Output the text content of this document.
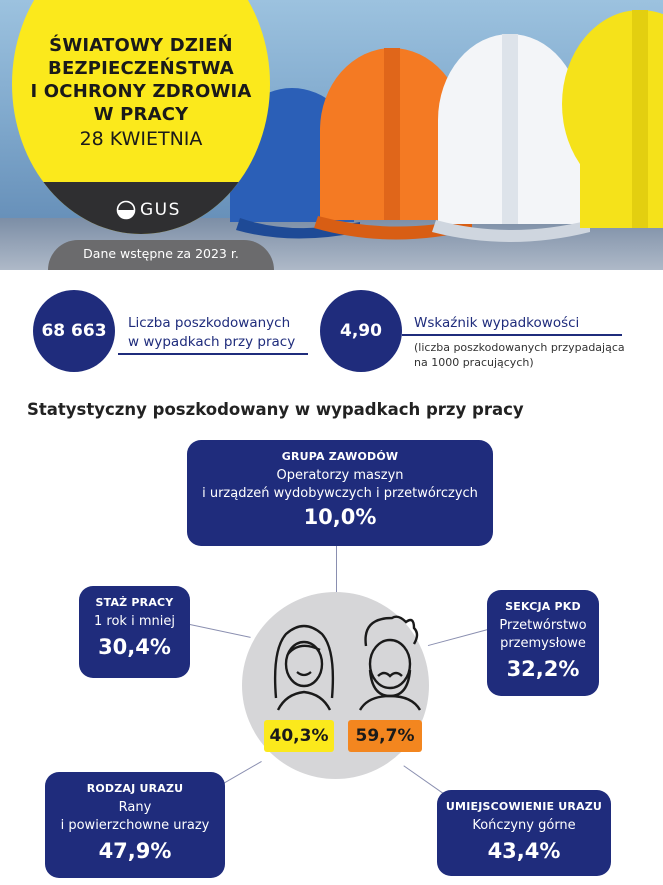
ŚWIATOWY DZIEŃ
BEZPIECZEŃSTWA
I OCHRONY ZDROWIA
W PRACY
28 KWIETNIA
GUS
Dane wstępne za 2023 r.
68 663	Liczba poszkodowanych
w wypadkach przy pracy
4,90	Wskaźnik wypadkowości
(liczba poszkodowanych przypadająca
na 1000 pracujących)
Statystyczny poszkodowany w wypadkach przy pracy
40,3%	59,7%
GRUPA ZAWODÓW
Operatorzy maszyn
i urządzeń wydobywczych i przetwórczych
10,0%
STAŻ PRACY
1 rok i mniej
30,4%
SEKCJA PKD
Przetwórstwo
przemysłowe
32,2%
RODZAJ URAZU
Rany
i powierzchowne urazy
47,9%
UMIEJSCOWIENIE URAZU
Kończyny górne
43,4%
